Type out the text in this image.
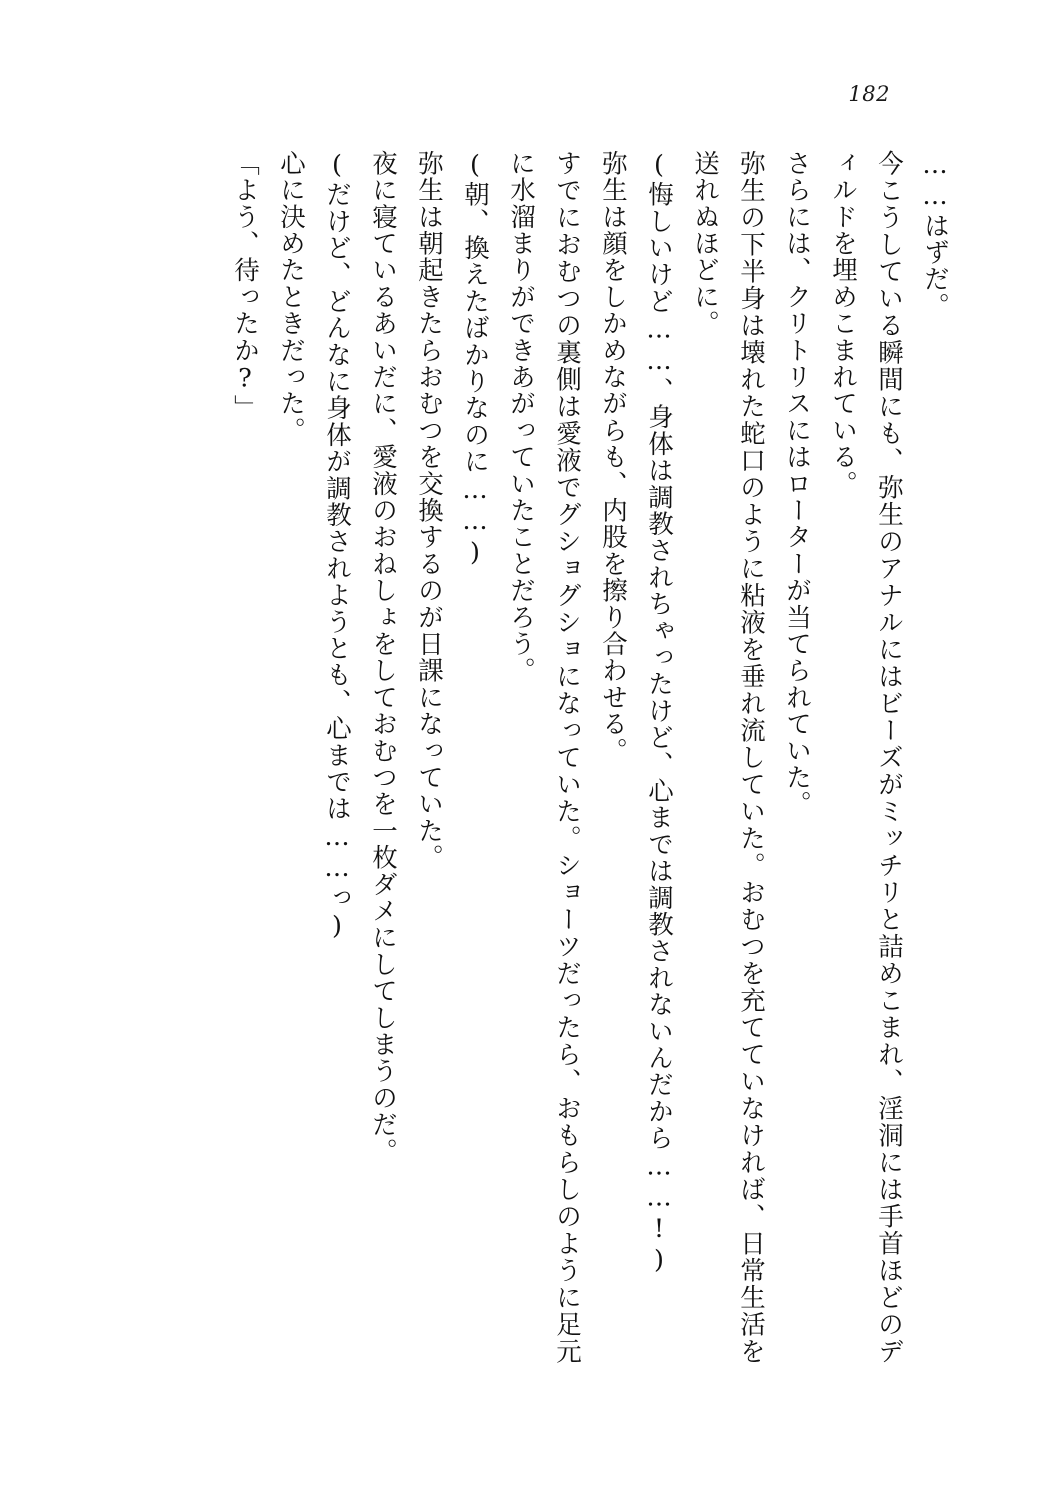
182

……はずだ。

今こうしている瞬間にも、弥生のアナルにはビーズがミッチリと詰めこまれ、淫洞には手首ほどのディルドを埋めこまれている。

さらには、クリトリスにはローターが当てられていた。

弥生の下半身は壊れた蛇口のように粘液を垂れ流していた。おむつを充てていなければ、日常生活を送れぬほどに。

(悔しいけど……、身体は調教されちゃったけど、心までは調教されないんだから……!)

弥生は顔をしかめながらも、内股を擦り合わせる。

すでにおむつの裏側は愛液でグショグショになっていた。ショーツだったら、おもらしのように足元に水溜まりができあがっていたことだろう。

(朝、換えたばかりなのに……)

弥生は朝起きたらおむつを交換するのが日課になっていた。

夜に寝ているあいだに、愛液のおねしょをしておむつを一枚ダメにしてしまうのだ。

(だけど、どんなに身体が調教されようとも、心までは……っ)

心に決めたときだった。

「よう、待ったか?」
